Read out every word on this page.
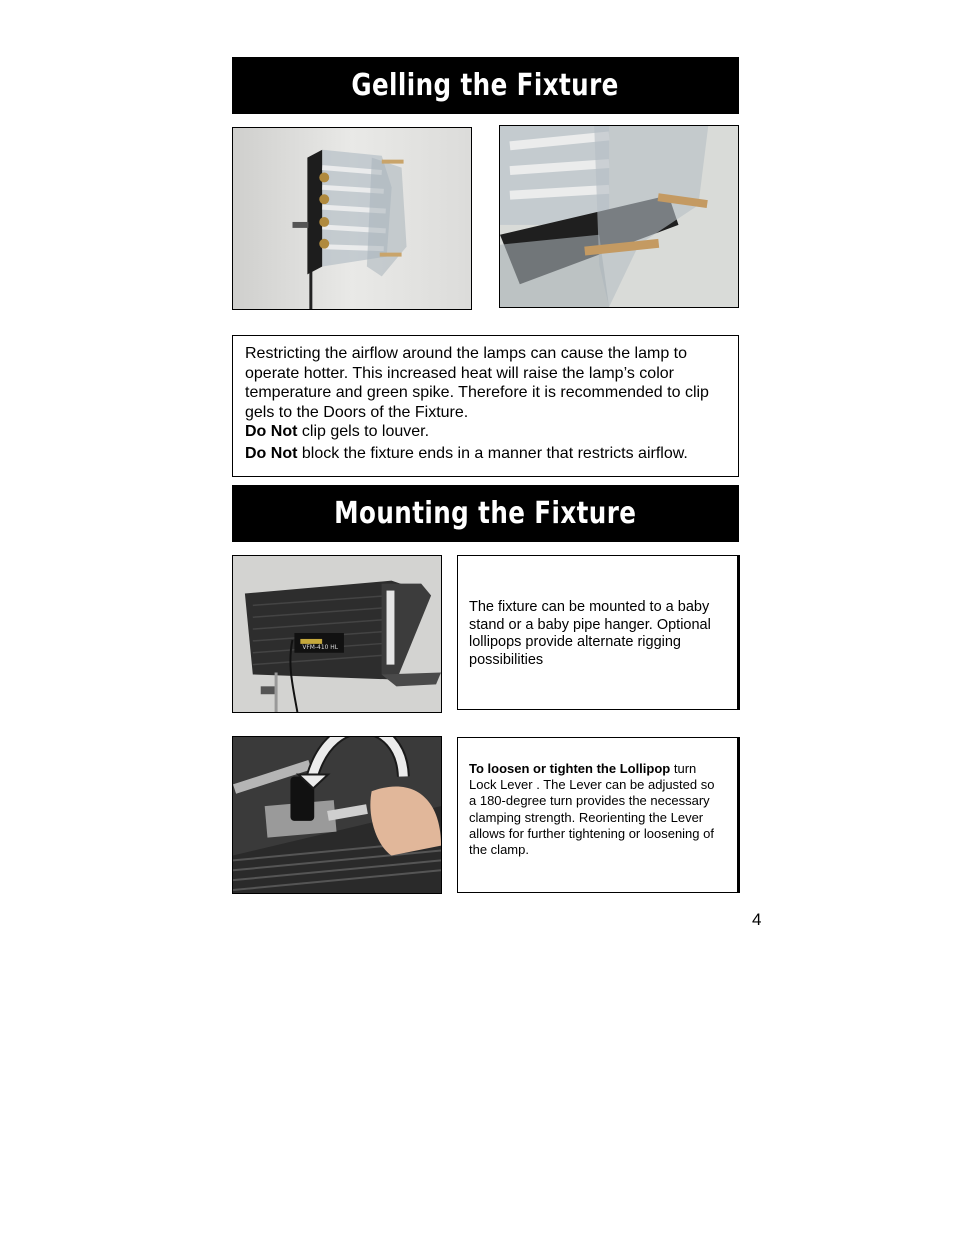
Gelling the Fixture
Restricting the airflow around the lamps can cause the lamp to operate hotter. This increased heat will raise the lamp’s color temperature and green spike. Therefore it is recommended to clip gels to the Doors of the Fixture.
Do Not clip gels to louver.
Do Not block the fixture ends in a manner that restricts airflow.
Mounting the Fixture
VFM-410 HL
The fixture can be mounted to a baby stand or a baby pipe hanger. Optional lollipops provide alternate rigging possibilities
To loosen or tighten the Lollipop turn Lock Lever . The Lever can be adjusted so a 180-degree turn provides the necessary clamping strength. Reorienting the Lever allows for further tightening or loosening of the clamp.
4
